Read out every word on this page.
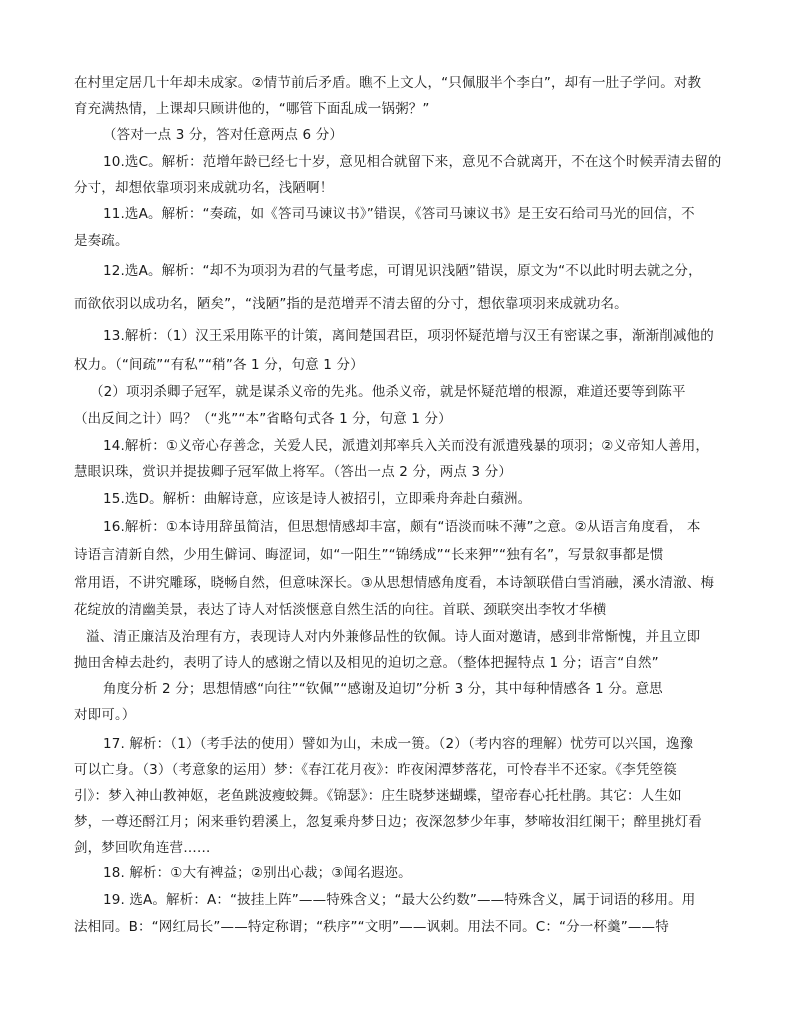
在村里定居几十年却未成家。②情节前后矛盾。瞧不上文人，“只佩服半个李白”，却有一肚子学问。对教
育充满热情，上课却只顾讲他的，“哪管下面乱成一锅粥？”
（答对一点 3 分，答对任意两点 6 分）
10.选C。解析：范增年龄已经七十岁，意见相合就留下来，意见不合就离开，不在这个时候弄清去留的
分寸，却想依靠项羽来成就功名，浅陋啊！
11.选A。解析：“奏疏，如《答司马谏议书》”错误，《答司马谏议书》是王安石给司马光的回信，不
是奏疏。
12.选A。解析：“却不为项羽为君的气量考虑，可谓见识浅陋”错误，原文为“不以此时明去就之分，
而欲依羽以成功名，陋矣”，“浅陋”指的是范增弄不清去留的分寸，想依靠项羽来成就功名。
13.解析：（1）汉王采用陈平的计策，离间楚国君臣，项羽怀疑范增与汉王有密谋之事，渐渐削减他的
权力。（“间疏”“有私”“稍”各 1 分，句意 1 分）
（2）项羽杀卿子冠军，就是谋杀义帝的先兆。他杀义帝，就是怀疑范增的根源，难道还要等到陈平
（出反间之计）吗？（“兆”“本”省略句式各 1 分，句意 1 分）
14.解析：①义帝心存善念，关爱人民，派遣刘邦率兵入关而没有派遣残暴的项羽；②义帝知人善用，
慧眼识珠，赏识并提拔卿子冠军做上将军。（答出一点 2 分，两点 3 分）
15.选D。解析：曲解诗意，应该是诗人被招引，立即乘舟奔赴白蘋洲。
16.解析：①本诗用辞虽简洁，但思想情感却丰富，颇有“语淡而味不薄”之意。②从语言角度看， 本
诗语言清新自然，少用生僻词、晦涩词，如“一阳生”“锦绣成”“长来狎”“独有名”，写景叙事都是惯
常用语，不讲究雕琢，晓畅自然，但意味深长。③从思想情感角度看，本诗颔联借白雪消融，溪水清澈、梅
花绽放的清幽美景，表达了诗人对恬淡惬意自然生活的向往。首联、颈联突出李牧才华横
溢、清正廉洁及治理有方，表现诗人对内外兼修品性的钦佩。诗人面对邀请，感到非常惭愧，并且立即
抛田舍棹去赴约，表明了诗人的感谢之情以及相见的迫切之意。（整体把握特点 1 分；语言“自然”
角度分析 2 分；思想情感“向往”“钦佩”“感谢及迫切”分析 3 分，其中每种情感各 1 分。意思
对即可。）
17. 解析：（1）（考手法的使用）譬如为山，未成一篑。（2）（考内容的理解）忧劳可以兴国，逸豫
可以亡身。（3）（考意象的运用）梦：《春江花月夜》：昨夜闲潭梦落花，可怜春半不还家。《李凭箜篌
引》：梦入神山教神妪，老鱼跳波瘦蛟舞。《锦瑟》：庄生晓梦迷蝴蝶，望帝春心托杜鹃。其它：人生如
梦，一尊还酹江月；闲来垂钓碧溪上，忽复乘舟梦日边；夜深忽梦少年事，梦啼妆泪红阑干；醉里挑灯看
剑，梦回吹角连营……
18. 解析：①大有裨益；②别出心裁；③闻名遐迩。
19. 选A。解析：A：“披挂上阵”——特殊含义；“最大公约数”——特殊含义，属于词语的移用。用
法相同。B：“网红局长”——特定称谓；“秩序”“文明”——讽刺。用法不同。C：“分一杯羹”——特
